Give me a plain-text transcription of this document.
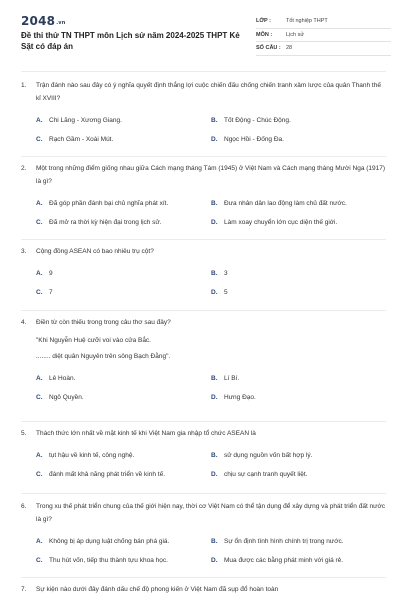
2048.vn
Đề thi thử TN THPT môn Lịch sử năm 2024-2025 THPT Kẻ Sặt có đáp án
LỚP :	Tốt nghiệp THPT
MÔN :	Lịch sử
SỐ CÂU : 28
1.	Trận đánh nào sau đây có ý nghĩa quyết định thắng lợi cuộc chiến đấu chống chiến tranh xâm lược của quân Thanh thế kỉ XVIII?
A.	Chi Lăng - Xương Giang.	B.	Tốt Động - Chúc Động.
C.	Rạch Gầm - Xoài Mút.	D.	Ngọc Hồi - Đống Đa.
2.	Một trong những điểm giống nhau giữa Cách mạng tháng Tám (1945) ở Việt Nam và Cách mạng tháng Mười Nga (1917) là gì?
A.	Đã góp phần đánh bại chủ nghĩa phát xít.	B.	Đưa nhân dân lao động làm chủ đất nước.
C.	Đã mở ra thời kỳ hiện đại trong lịch sử.	D.	Làm xoay chuyển lớn cục diện thế giới.
3.	Cộng đồng ASEAN có bao nhiêu trụ cột?
A.	9	B.	3
C.	7	D.	5
4.	Điền từ còn thiếu trong trong câu thơ sau đây?
"Khi Nguyễn Huệ cưỡi voi vào cửa Bắc.
........ diệt quân Nguyên trên sông Bạch Đằng".
A.	Lê Hoàn.	B.	Lí Bí.
C.	Ngô Quyền.	D.	Hưng Đạo.
5.	Thách thức lớn nhất về mặt kinh tế khi Việt Nam gia nhập tổ chức ASEAN là
A.	tụt hậu về kinh tế, công nghệ.	B.	sử dụng nguồn vốn bất hợp lý.
C.	đánh mất khả năng phát triển về kinh tế.	D.	chịu sự cạnh tranh quyết liệt.
6.	Trong xu thế phát triển chung của thế giới hiện nay, thời cơ Việt Nam có thể tận dụng để xây dựng và phát triển đất nước là gì?
A.	Không bị áp dụng luật chống bán phá giá.	B.	Sự ổn định tình hình chính trị trong nước.
C.	Thu hút vốn, tiếp thu thành tựu khoa học.	D.	Mua được các bằng phát minh với giá rẻ.
7.	Sự kiện nào dưới đây đánh dấu chế độ phong kiến ở Việt Nam đã sụp đổ hoàn toàn
